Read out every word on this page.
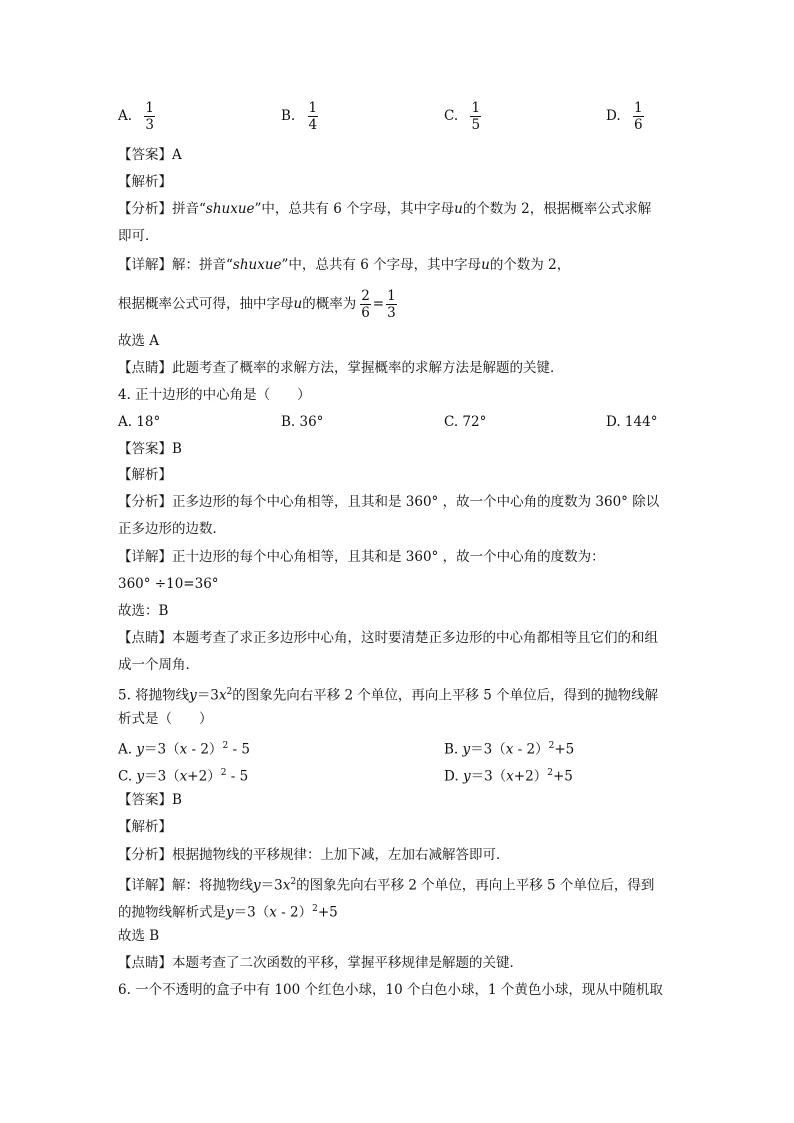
A. $\frac{1}{3}$	B. $\frac{1}{4}$	C. $\frac{1}{5}$	D. $\frac{1}{6}$
【答案】A
【解析】
【分析】拼音“shuxue”中，总共有 6 个字母，其中字母u的个数为 2，根据概率公式求解
即可．
【详解】解：拼音“shuxue”中，总共有 6 个字母，其中字母u的个数为 2，
根据概率公式可得，抽中字母u的概率为 $\frac{2}{6} = \frac{1}{3}$
故选 A
【点睛】此题考查了概率的求解方法，掌握概率的求解方法是解题的关键．
4. 正十边形的中心角是（　　）
A. 18°	B. 36°	C. 72°	D. 144°
【答案】B
【解析】
【分析】正多边形的每个中心角相等，且其和是 360° ，故一个中心角的度数为 360° 除以
正多边形的边数．
【详解】正十边形的每个中心角相等，且其和是 360° ，故一个中心角的度数为：
360° ÷10=36°
故选：B
【点睛】本题考查了求正多边形中心角，这时要清楚正多边形的中心角都相等且它们的和组
成一个周角．
5. 将抛物线$y=3x^2$的图象先向右平移 2 个单位，再向上平移 5 个单位后，得到的抛物线解
析式是（　　）
A. y＝3（x - 2）$^2$ - 5	B. y＝3（x - 2）$^2$+5
C. $y=3(x+2)^2 - 5$	D. $y=3(x+2)^2+5$
【答案】B
【解析】
【分析】根据抛物线的平移规律：上加下减，左加右减解答即可．
【详解】解：将抛物线$y=3x^2$的图象先向右平移 2 个单位，再向上平移 5 个单位后，得到
的抛物线解析式是y＝3（x - 2）$^2$+5
故选 B
【点睛】本题考查了二次函数的平移，掌握平移规律是解题的关键．
6. 一个不透明的盒子中有 100 个红色小球，10 个白色小球，1 个黄色小球，现从中随机取
